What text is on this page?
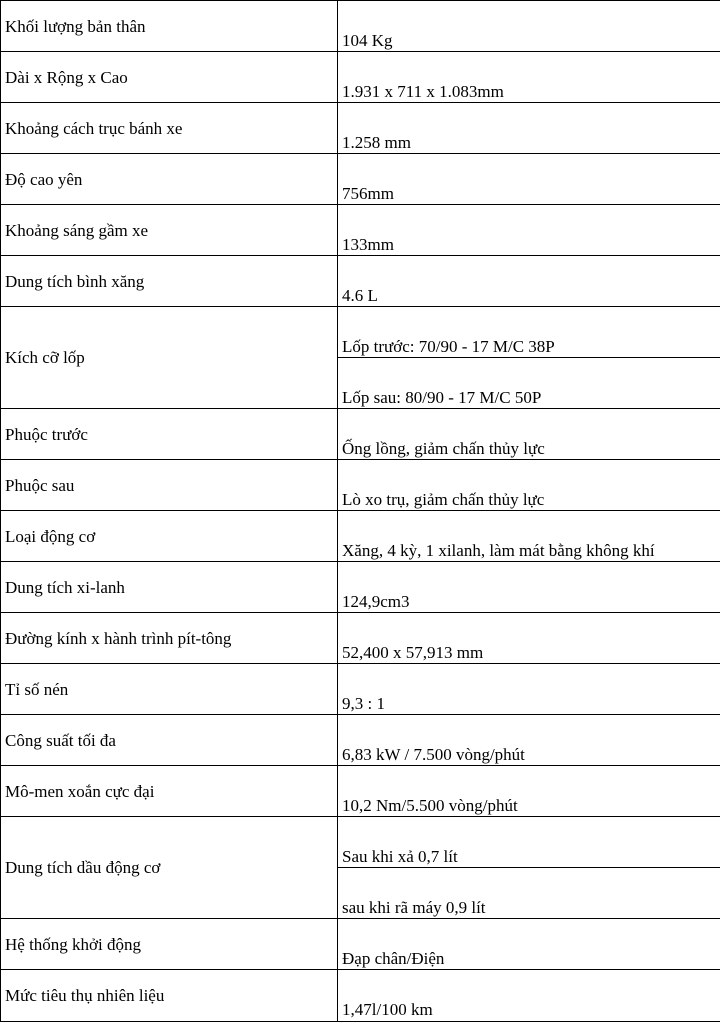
Khối lượng bản thân	104 Kg

Dài x Rộng x Cao	1.931 x 711 x 1.083mm

Khoảng cách trục bánh xe	1.258 mm

Độ cao yên	756mm

Khoảng sáng gầm xe	133mm

Dung tích bình xăng	4.6 L

Kích cỡ lốp	Lốp trước: 70/90 - 17 M/C 38P

	Lốp sau: 80/90 - 17 M/C 50P

Phuộc trước	Ống lồng, giảm chấn thủy lực

Phuộc sau	Lò xo trụ, giảm chấn thủy lực

Loại động cơ	Xăng, 4 kỳ, 1 xilanh, làm mát bằng không khí

Dung tích xi-lanh	124,9cm3

Đường kính x hành trình pít-tông	52,400 x 57,913 mm

Tỉ số nén	9,3 : 1

Công suất tối đa	6,83 kW / 7.500 vòng/phút

Mô-men xoắn cực đại	10,2 Nm/5.500 vòng/phút

Dung tích dầu động cơ	Sau khi xả 0,7 lít

	sau khi rã máy 0,9 lít

Hệ thống khởi động	Đạp chân/Điện

Mức tiêu thụ nhiên liệu	1,47l/100 km
